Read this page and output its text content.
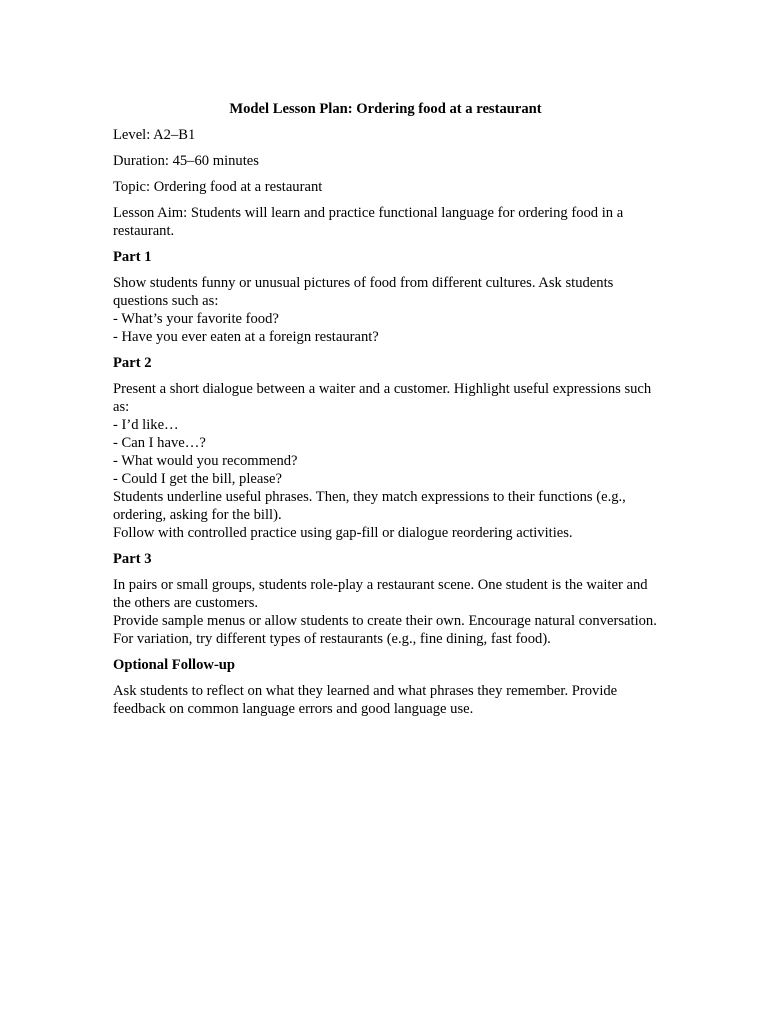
Model Lesson Plan: Ordering food at a restaurant
Level: A2–B1
Duration: 45–60 minutes
Topic: Ordering food at a restaurant
Lesson Aim: Students will learn and practice functional language for ordering food in a restaurant.
Part 1
Show students funny or unusual pictures of food from different cultures. Ask students questions such as:
- What’s your favorite food?
- Have you ever eaten at a foreign restaurant?
Part 2
Present a short dialogue between a waiter and a customer. Highlight useful expressions such as:
- I’d like…
- Can I have…?
- What would you recommend?
- Could I get the bill, please?
Students underline useful phrases. Then, they match expressions to their functions (e.g., ordering, asking for the bill).
Follow with controlled practice using gap-fill or dialogue reordering activities.
Part 3
In pairs or small groups, students role-play a restaurant scene. One student is the waiter and the others are customers.
Provide sample menus or allow students to create their own. Encourage natural conversation.
For variation, try different types of restaurants (e.g., fine dining, fast food).
Optional Follow-up
Ask students to reflect on what they learned and what phrases they remember. Provide feedback on common language errors and good language use.
